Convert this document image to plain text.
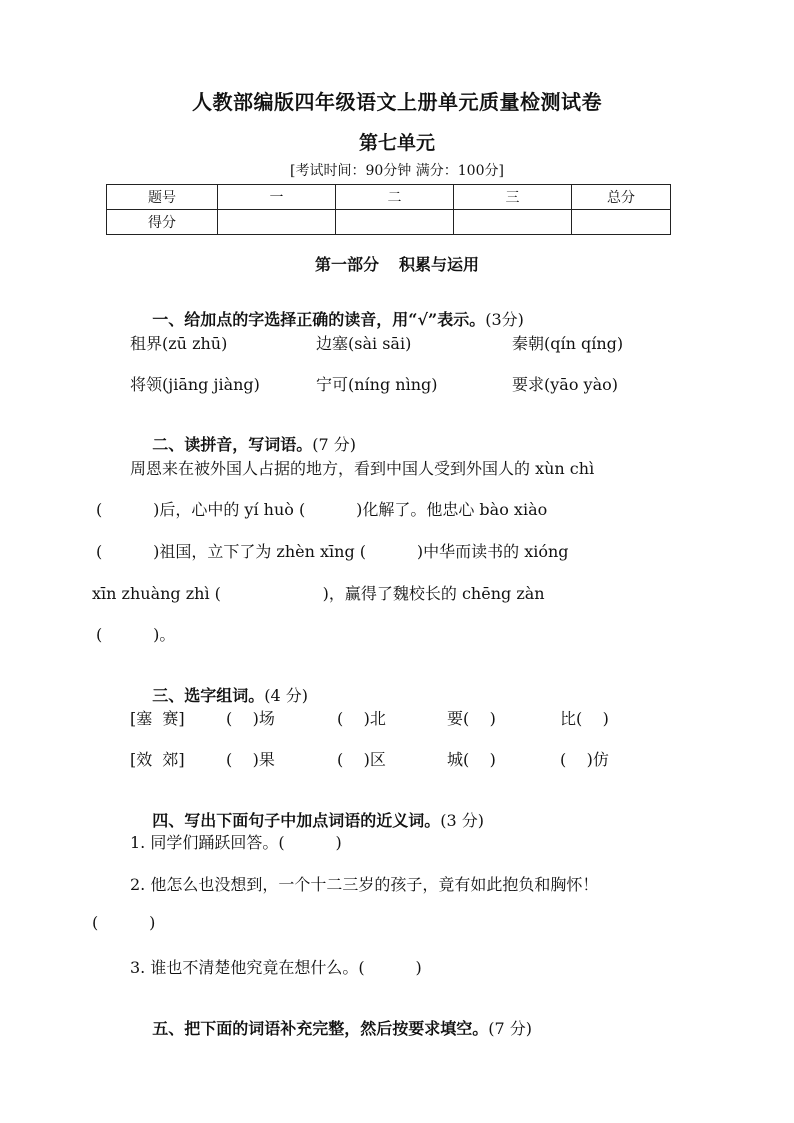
人教部编版四年级语文上册单元质量检测试卷
第七单元
[考试时间：90分钟 满分：100分]
题号	一	二	三	总分
得分				
第一部分 积累与运用

一、给加点的字选择正确的读音，用“√”表示。(3分)

租界(zū zhū)	边塞(sài sāi)	秦朝(qín qíng)
将领(jiāng jiàng)	宁可(níng nìng)	要求(yāo yào)

二、读拼音，写词语。(7 分)

周恩来在被外国人占据的地方，看到中国人受到外国人的 xùn chì
(          )后，心中的 yí huò (          )化解了。他忠心 bào xiào
(          )祖国，立下了为 zhèn xīng (          )中华而读书的 xióng
xīn zhuàng zhì (                    )，赢得了魏校长的 chēng zàn
(          )。

三、选字组词。(4 分)

[塞  赛]	(    )场	(    )北	要(    )	比(    )
[效  郊]	(    )果	(    )区	城(    )	(    )仿

四、写出下面句子中加点词语的近义词。(3 分)

1. 同学们踊跃回答。(          )
2. 他怎么也没想到，一个十二三岁的孩子，竟有如此抱负和胸怀！
(          )
3. 谁也不清楚他究竟在想什么。(          )

五、把下面的词语补充完整，然后按要求填空。(7 分)
